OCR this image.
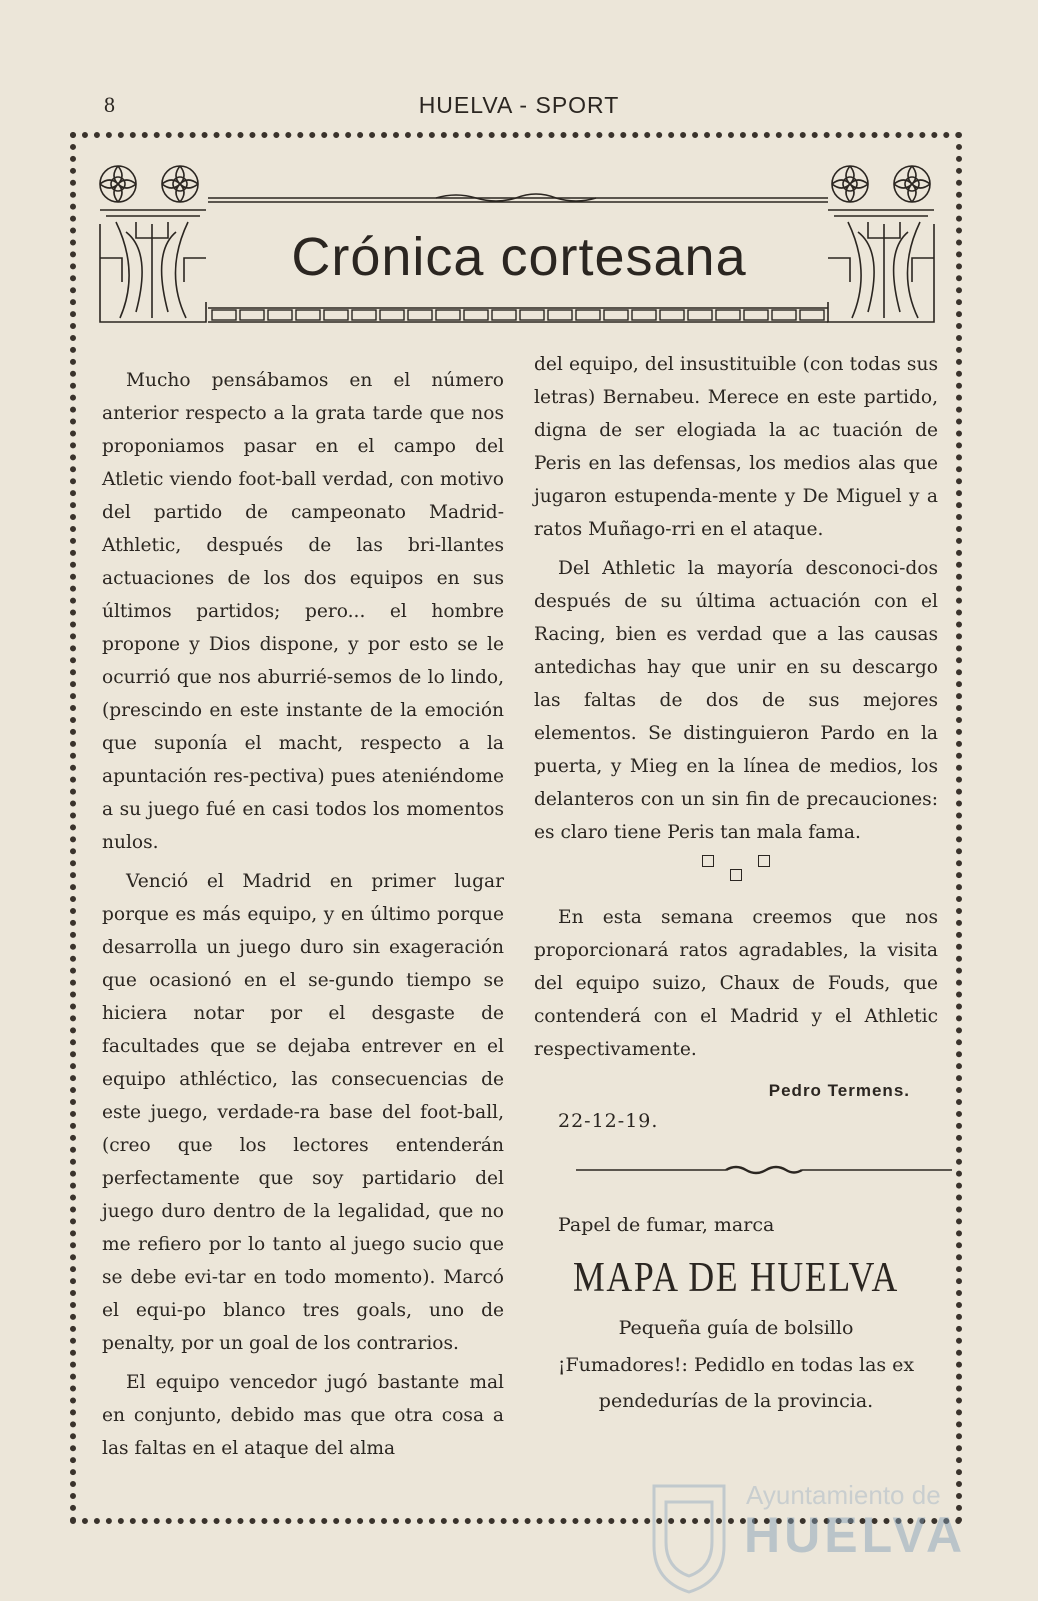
8	HUELVA - SPORT
Crónica cortesana

Mucho pensábamos en el número anterior respecto a la grata tarde que nos proponiamos pasar en el campo del Atletic viendo foot-ball verdad, con motivo del partido de campeonato Madrid-Athletic, después de las bri-llantes actuaciones de los dos equipos en sus últimos partidos; pero... el hombre propone y Dios dispone, y por esto se le ocurrió que nos aburrié-semos de lo lindo, (prescindo en este instante de la emoción que suponía el macht, respecto a la apuntación res-pectiva) pues ateniéndome a su juego fué en casi todos los momentos nulos.

Venció el Madrid en primer lugar porque es más equipo, y en último porque desarrolla un juego duro sin exageración que ocasionó en el se-gundo tiempo se hiciera notar por el desgaste de facultades que se dejaba entrever en el equipo athléctico, las consecuencias de este juego, verdade-ra base del foot-ball, (creo que los lectores entenderán perfectamente que soy partidario del juego duro dentro de la legalidad, que no me refiero por lo tanto al juego sucio que se debe evi-tar en todo momento). Marcó el equi-po blanco tres goals, uno de penalty, por un goal de los contrarios.

El equipo vencedor jugó bastante mal en conjunto, debido mas que otra cosa a las faltas en el ataque del alma

del equipo, del insustituible (con todas sus letras) Bernabeu. Merece en este partido, digna de ser elogiada la ac tuación de Peris en las defensas, los medios alas que jugaron estupenda-mente y De Miguel y a ratos Muñago-rri en el ataque.

Del Athletic la mayoría desconoci-dos después de su última actuación con el Racing, bien es verdad que a las causas antedichas hay que unir en su descargo las faltas de dos de sus mejores elementos. Se distinguieron Pardo en la puerta, y Mieg en la línea de medios, los delanteros con un sin fin de precauciones: es claro tiene Peris tan mala fama.

En esta semana creemos que nos proporcionará ratos agradables, la visita del equipo suizo, Chaux de Fouds, que contenderá con el Madrid y el Athletic respectivamente.

Pedro Termens.
22-12-19.
Papel de fumar, marca
MAPA DE HUELVA
Pequeña guía de bolsillo
¡Fumadores!: Pedidlo en todas las ex pendedurías de la provincia.
Ayuntamiento de
HUELVA
